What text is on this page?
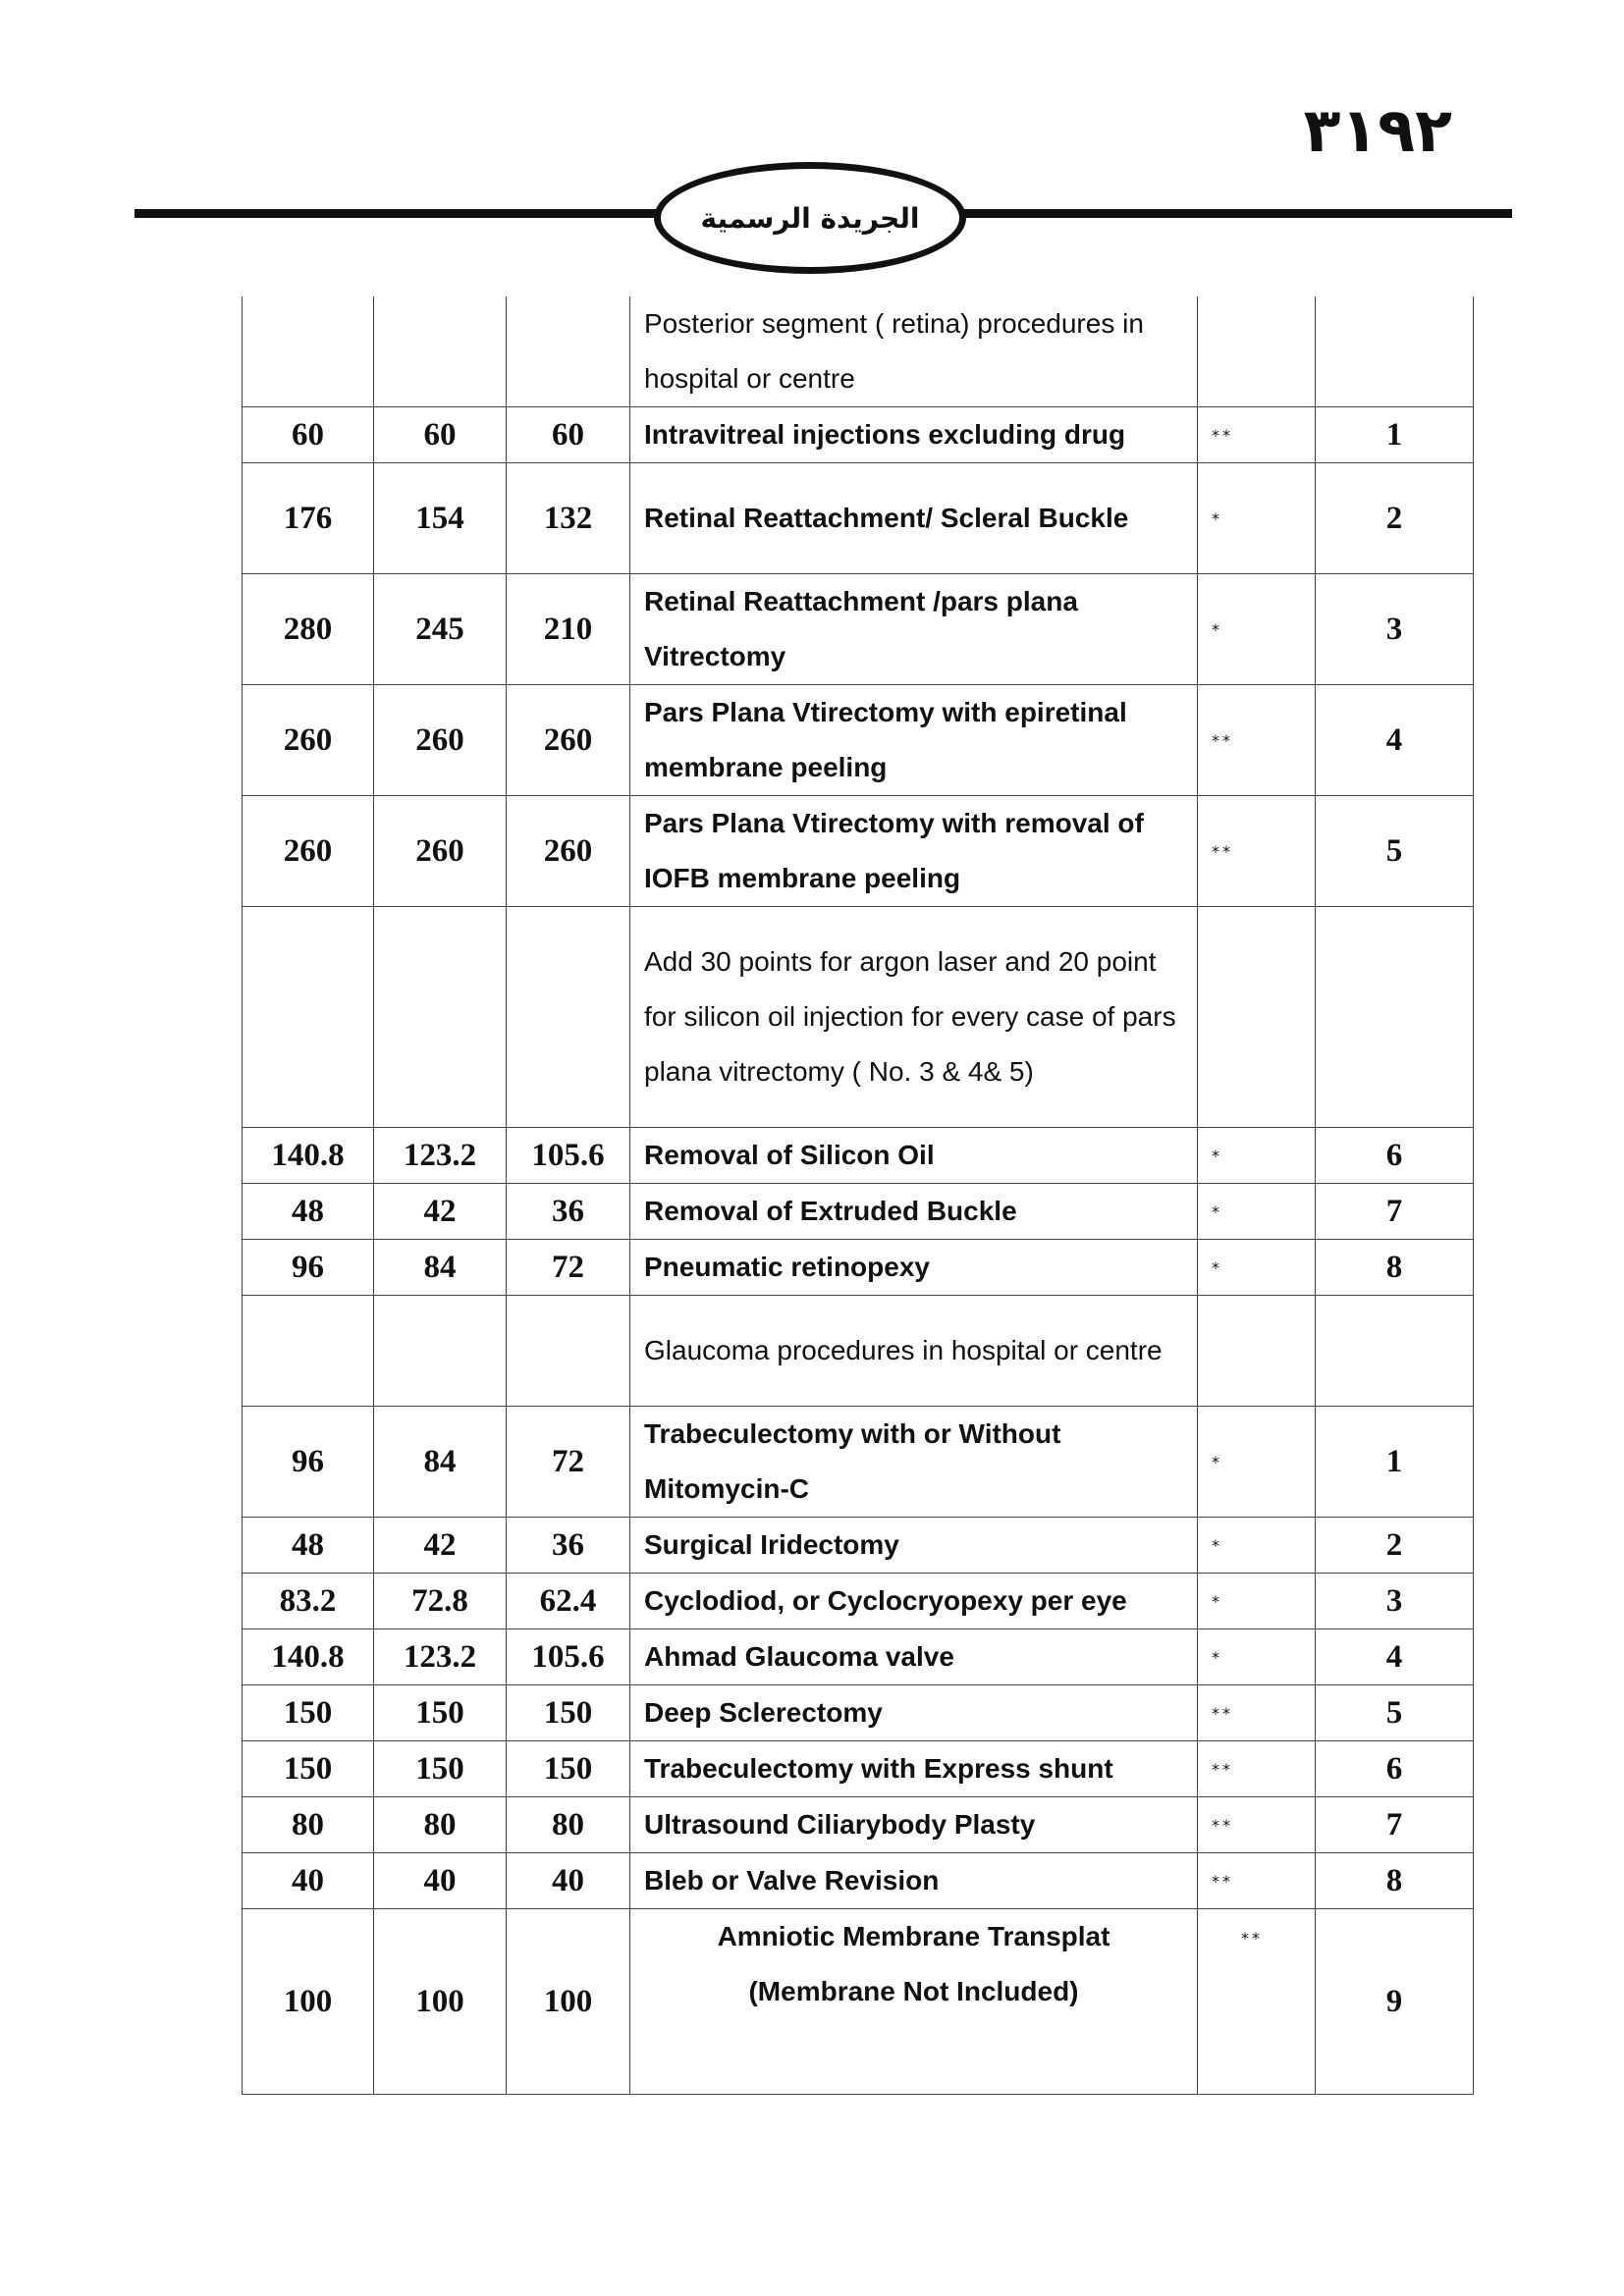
٣١٩٢
الجريدة الرسمية
			Posterior segment ( retina) procedures in hospital or centre		
60	60	60	Intravitreal injections excluding drug	**	1
176	154	132	Retinal Reattachment/ Scleral Buckle	*	2
280	245	210	Retinal Reattachment /pars plana Vitrectomy	*	3
260	260	260	Pars Plana Vtirectomy with epiretinal membrane peeling	**	4
260	260	260	Pars Plana Vtirectomy with removal of IOFB membrane peeling	**	5
			Add 30 points for argon laser and 20 point for silicon oil injection for every case of pars plana vitrectomy ( No. 3 & 4& 5)		
140.8	123.2	105.6	Removal of Silicon Oil	*	6
48	42	36	Removal of Extruded Buckle	*	7
96	84	72	Pneumatic retinopexy	*	8
			Glaucoma procedures in hospital or centre		
96	84	72	Trabeculectomy with or Without Mitomycin-C	*	1
48	42	36	Surgical Iridectomy	*	2
83.2	72.8	62.4	Cyclodiod, or Cyclocryopexy per eye	*	3
140.8	123.2	105.6	Ahmad Glaucoma valve	*	4
150	150	150	Deep Sclerectomy	**	5
150	150	150	Trabeculectomy with Express shunt	**	6
80	80	80	Ultrasound Ciliarybody Plasty	**	7
40	40	40	Bleb or Valve Revision	**	8
100	100	100	Amniotic Membrane Transplat (Membrane Not Included)	**	9
